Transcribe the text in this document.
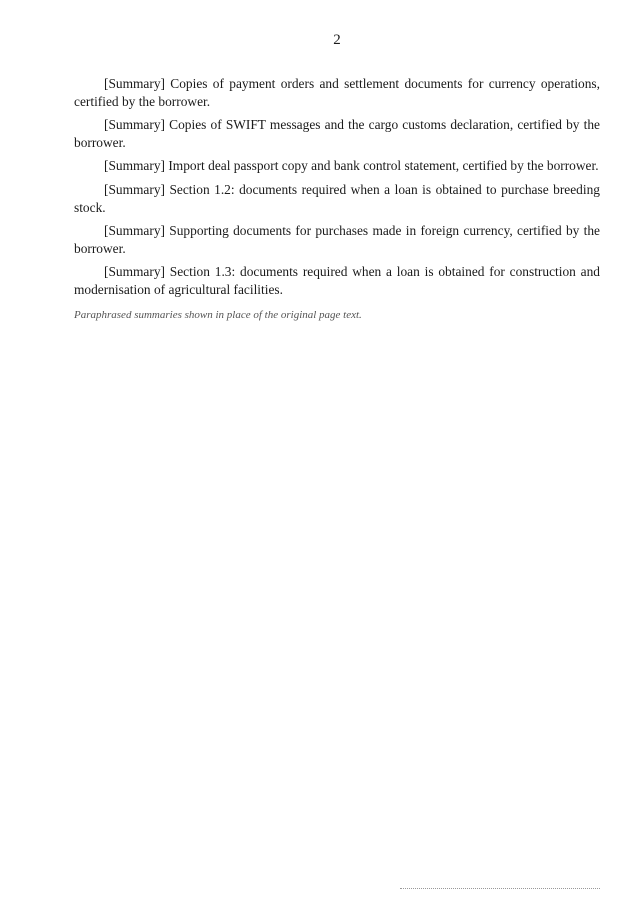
2

[Summary] Copies of payment orders and settlement documents for currency operations, certified by the borrower.

[Summary] Copies of SWIFT messages and the cargo customs declaration, certified by the borrower.

[Summary] Import deal passport copy and bank control statement, certified by the borrower.

[Summary] Section 1.2: documents required when a loan is obtained to purchase breeding stock.

[Summary] Supporting documents for purchases made in foreign currency, certified by the borrower.

[Summary] Section 1.3: documents required when a loan is obtained for construction and modernisation of agricultural facilities.

Paraphrased summaries shown in place of the original page text.
